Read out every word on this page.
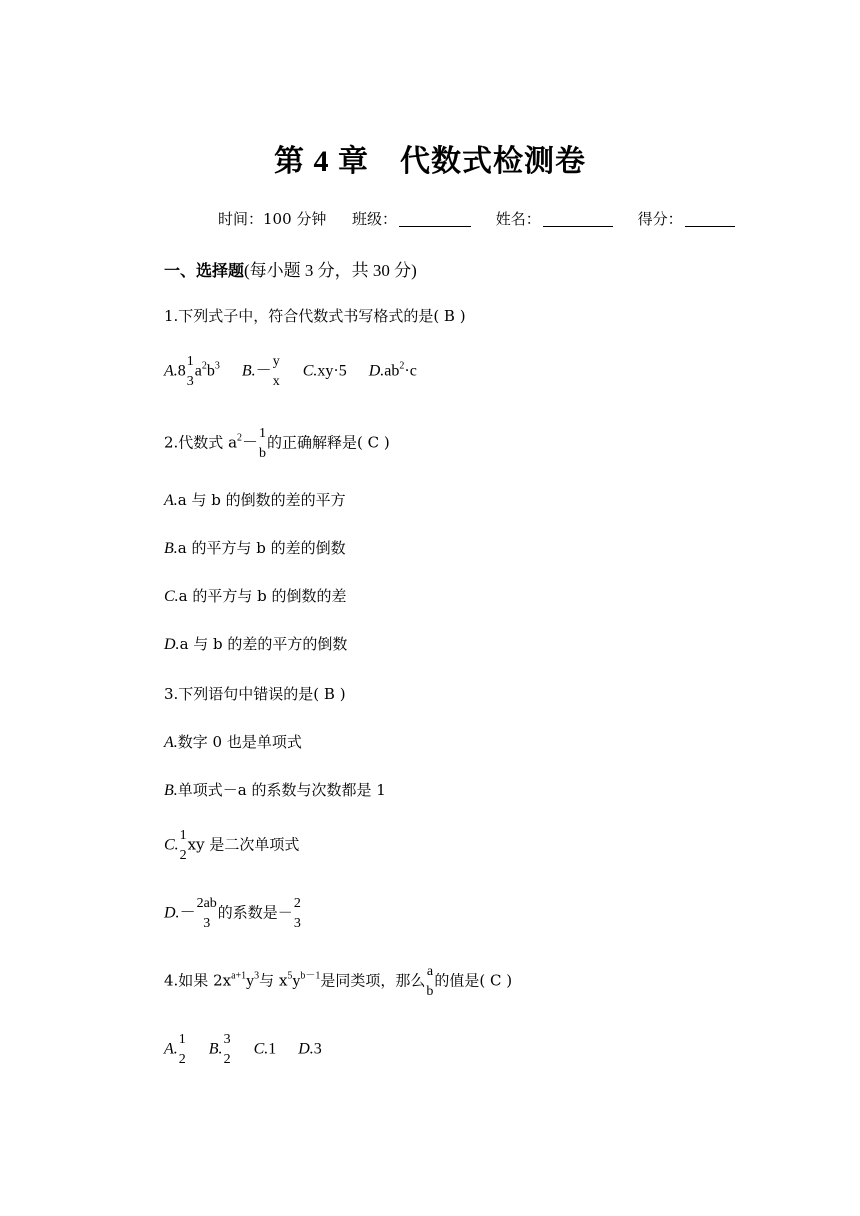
第 4 章　代数式检测卷
时间：100 分钟 班级：	姓名：	得分：
一、选择题(每小题 3 分，共 30 分)
1.下列式子中，符合代数式书写格式的是( B )
A.8
1
3
$a^2b^3$ B.－
y
x
C.xy·5 $D.ab^2\cdot c$
2.代数式 $a^2-$
1
b
的正确解释是( C )
A.a 与 b 的倒数的差的平方
B.a 的平方与 b 的差的倒数
C.a 的平方与 b 的倒数的差
D.a 与 b 的差的平方的倒数
3.下列语句中错误的是( B )
A.数字 0 也是单项式
B.单项式－a 的系数与次数都是 1
C.
1
2
xy 是二次单项式
D.－
2ab
3
的系数是－
2
3
4.如果 $2x^{a+1}y^3$与 $x^5y^{b-1}$是同类项，那么
a
b
的值是( C )
A.
1
2
B.
3
2
C.1 D.3
